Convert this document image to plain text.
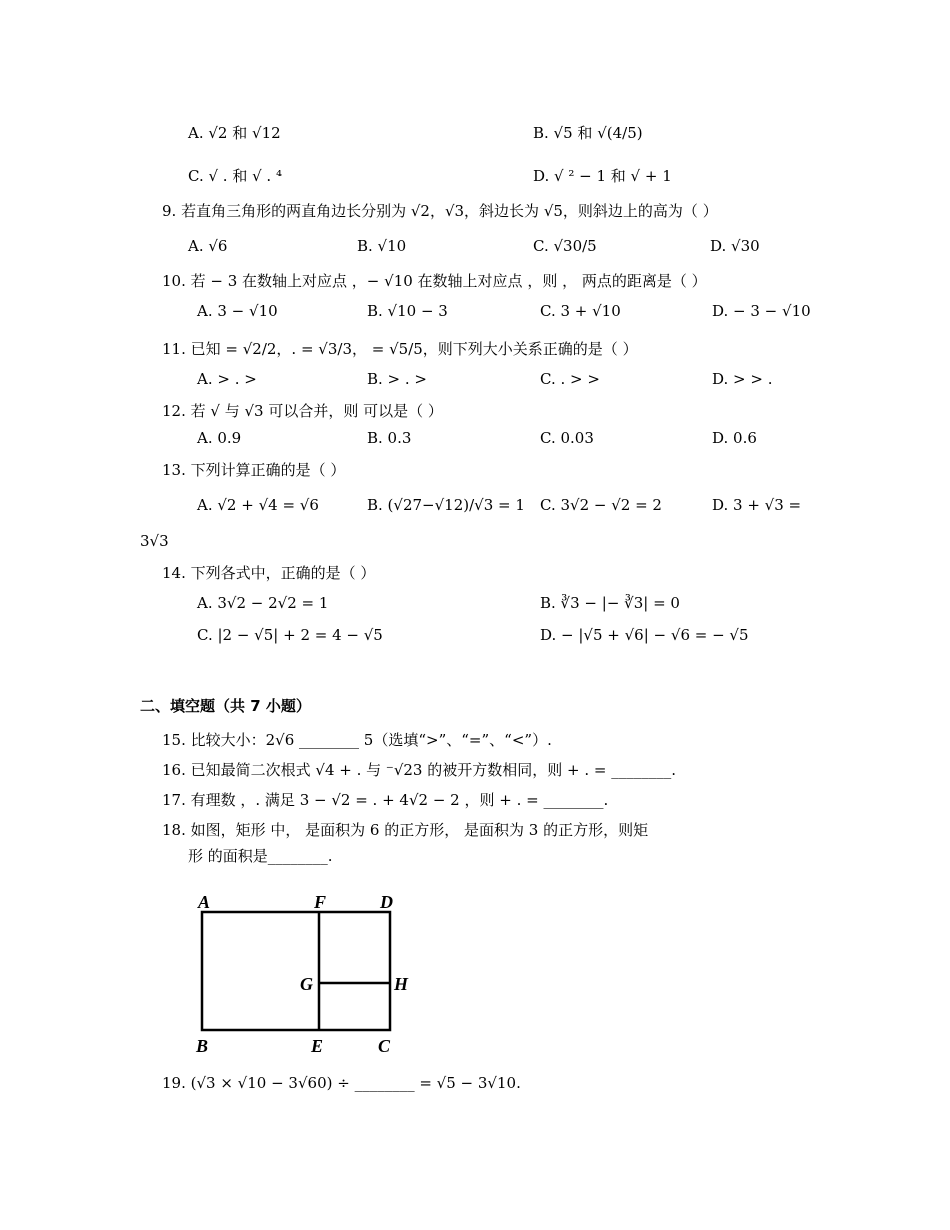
A. √2 和 √12	B. √5 和 √(4/5)
C. √ . 和 √ . ⁴	D. √ ² − 1 和 √ + 1
9. 若直角三角形的两直角边长分别为 √2，√3，斜边长为 √5，则斜边上的高为（ ）
A. √6	B. √10	C. √30/5	D. √30
10. 若 − 3 在数轴上对应点 ，− √10 在数轴上对应点 ，则 ， 两点的距离是（ ）
A. 3 − √10	B. √10 − 3	C. 3 + √10	D. − 3 − √10
11. 已知 = √2/2，. = √3/3， = √5/5，则下列大小关系正确的是（ ）
A. > . >	B. > . >	C. . > >	D. > > .
12. 若 √ 与 √3 可以合并，则 可以是（ ）
A. 0.9	B. 0.3	C. 0.03	D. 0.6
13. 下列计算正确的是（ ）
A. √2 + √4 = √6	B. (√27−√12)/√3 = 1 C. 3√2 − √2 = 2	D. 3 + √3 =
3√3
14. 下列各式中，正确的是（ ）
A. 3√2 − 2√2 = 1	B. ∛3 − |− ∛3| = 0
C. |2 − √5| + 2 = 4 − √5	D. − |√5 + √6| − √6 = − √5
二、填空题（共 7 小题）
15. 比较大小：2√6 ________ 5（选填“>”、“=”、“<”）.
16. 已知最简二次根式 √4 + . 与 ⁻√23 的被开方数相同，则 + . = ________.
17. 有理数 ，. 满足 3 − √2 = . + 4√2 − 2 ，则 + . = ________.
18. 如图，矩形 中， 是面积为 6 的正方形， 是面积为 3 的正方形，则矩
形 的面积是________.
A	F	D
G	H
B	E	C
19. (√3 × √10 − 3√60) ÷ ________ = √5 − 3√10.
